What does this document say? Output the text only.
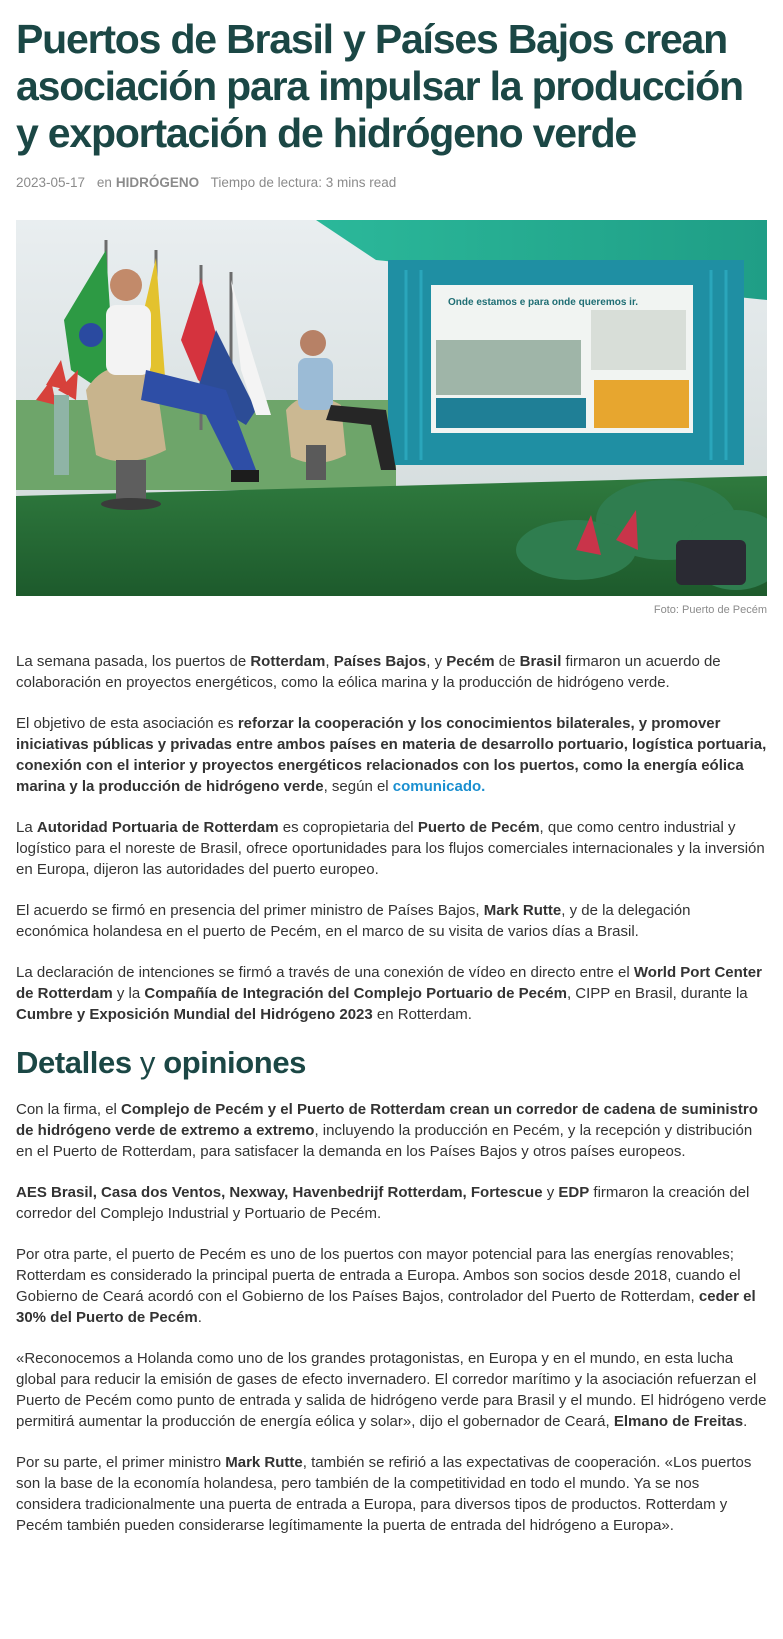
Puertos de Brasil y Países Bajos crean asociación para impulsar la producción y exportación de hidrógeno verde
2023-05-17 en HIDRÓGENO Tiempo de lectura: 3 mins read
Onde estamos e para onde queremos ir.
Foto: Puerto de Pecém

La semana pasada, los puertos de Rotterdam, Países Bajos, y Pecém de Brasil firmaron un acuerdo de colaboración en proyectos energéticos, como la eólica marina y la producción de hidrógeno verde.

El objetivo de esta asociación es reforzar la cooperación y los conocimientos bilaterales, y promover iniciativas públicas y privadas entre ambos países en materia de desarrollo portuario, logística portuaria, conexión con el interior y proyectos energéticos relacionados con los puertos, como la energía eólica marina y la producción de hidrógeno verde, según el comunicado.

La Autoridad Portuaria de Rotterdam es copropietaria del Puerto de Pecém, que como centro industrial y logístico para el noreste de Brasil, ofrece oportunidades para los flujos comerciales internacionales y la inversión en Europa, dijeron las autoridades del puerto europeo.

El acuerdo se firmó en presencia del primer ministro de Países Bajos, Mark Rutte, y de la delegación económica holandesa en el puerto de Pecém, en el marco de su visita de varios días a Brasil.

La declaración de intenciones se firmó a través de una conexión de vídeo en directo entre el World Port Center de Rotterdam y la Compañía de Integración del Complejo Portuario de Pecém, CIPP en Brasil, durante la Cumbre y Exposición Mundial del Hidrógeno 2023 en Rotterdam.

Detalles y opiniones

Con la firma, el Complejo de Pecém y el Puerto de Rotterdam crean un corredor de cadena de suministro de hidrógeno verde de extremo a extremo, incluyendo la producción en Pecém, y la recepción y distribución en el Puerto de Rotterdam, para satisfacer la demanda en los Países Bajos y otros países europeos.

AES Brasil, Casa dos Ventos, Nexway, Havenbedrijf Rotterdam, Fortescue y EDP firmaron la creación del corredor del Complejo Industrial y Portuario de Pecém.

Por otra parte, el puerto de Pecém es uno de los puertos con mayor potencial para las energías renovables; Rotterdam es considerado la principal puerta de entrada a Europa. Ambos son socios desde 2018, cuando el Gobierno de Ceará acordó con el Gobierno de los Países Bajos, controlador del Puerto de Rotterdam, ceder el 30% del Puerto de Pecém.

«Reconocemos a Holanda como uno de los grandes protagonistas, en Europa y en el mundo, en esta lucha global para reducir la emisión de gases de efecto invernadero. El corredor marítimo y la asociación refuerzan el Puerto de Pecém como punto de entrada y salida de hidrógeno verde para Brasil y el mundo. El hidrógeno verde permitirá aumentar la producción de energía eólica y solar», dijo el gobernador de Ceará, Elmano de Freitas.

Por su parte, el primer ministro Mark Rutte, también se refirió a las expectativas de cooperación. «Los puertos son la base de la economía holandesa, pero también de la competitividad en todo el mundo. Ya se nos considera tradicionalmente una puerta de entrada a Europa, para diversos tipos de productos. Rotterdam y Pecém también pueden considerarse legítimamente la puerta de entrada del hidrógeno a Europa».
